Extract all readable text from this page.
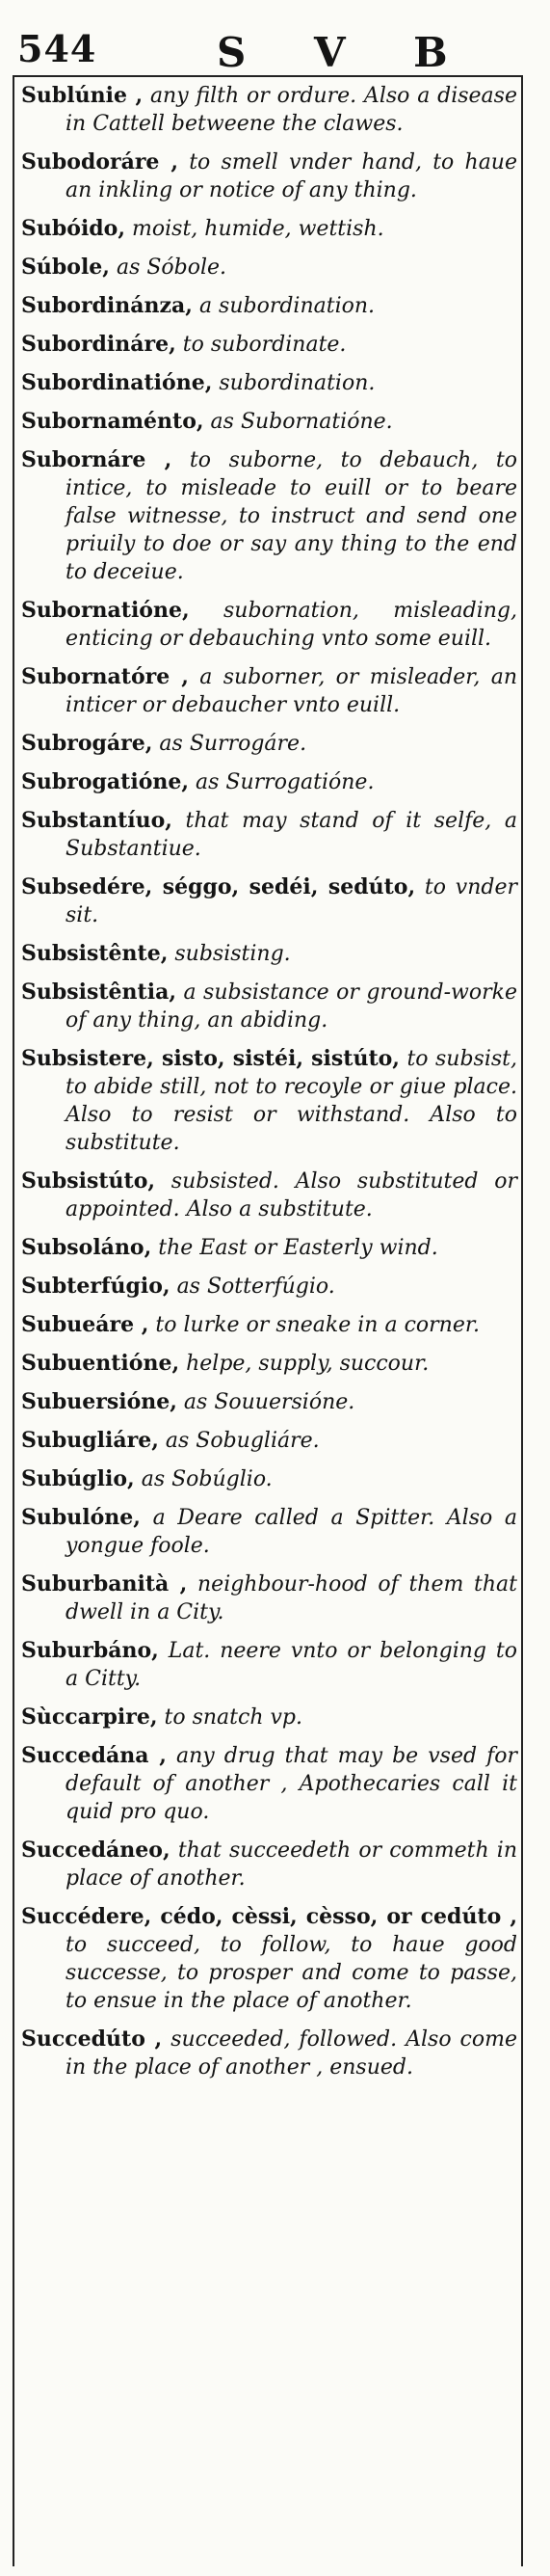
544	S V B

Sublúnie , any filth or ordure. Also a disease in Cattell betweene the clawes.

Subodoráre , to smell vnder hand, to haue an inkling or notice of any thing.

Subóido, moist, humide, wettish.

Súbole, as Sóbole.

Subordinánza, a subordination.

Subordináre, to subordinate.

Subordinatióne, subordination.

Subornaménto, as Subornatióne.

Subornáre , to suborne, to debauch, to intice, to misleade to euill or to beare false witnesse, to instruct and send one priuily to doe or say any thing to the end to deceiue.

Subornatióne, subornation, misleading, enticing or debauching vnto some euill.

Subornatóre , a suborner, or misleader, an inticer or debaucher vnto euill.

Subrogáre, as Surrogáre.

Subrogatióne, as Surrogatióne.

Substantíuo, that may stand of it selfe, a Substantiue.

Subsedére, séggo, sedéi, sedúto, to vnder sit.

Subsistênte, subsisting.

Subsistêntia, a subsistance or ground-worke of any thing, an abiding.

Subsistere, sisto, sistéi, sistúto, to subsist, to abide still, not to recoyle or giue place. Also to resist or withstand. Also to substitute.

Subsistúto, subsisted. Also substituted or appointed. Also a substitute.

Subsoláno, the East or Easterly wind.

Subterfúgio, as Sotterfúgio.

Subueáre , to lurke or sneake in a corner.

Subuentióne, helpe, supply, succour.

Subuersióne, as Souuersióne.

Subugliáre, as Sobugliáre.

Subúglio, as Sobúglio.

Subulóne, a Deare called a Spitter. Also a yongue foole.

Suburbanità , neighbour-hood of them that dwell in a City.

Suburbáno, Lat. neere vnto or belonging to a Citty.

Sùccarpire, to snatch vp.

Succedána , any drug that may be vsed for default of another , Apothecaries call it quid pro quo.

Succedáneo, that succeedeth or commeth in place of another.

Succédere, cédo, cèssi, cèsso, or cedúto , to succeed, to follow, to haue good successe, to prosper and come to passe, to ensue in the place of another.

Succedúto , succeeded, followed. Also come in the place of another , ensued.
